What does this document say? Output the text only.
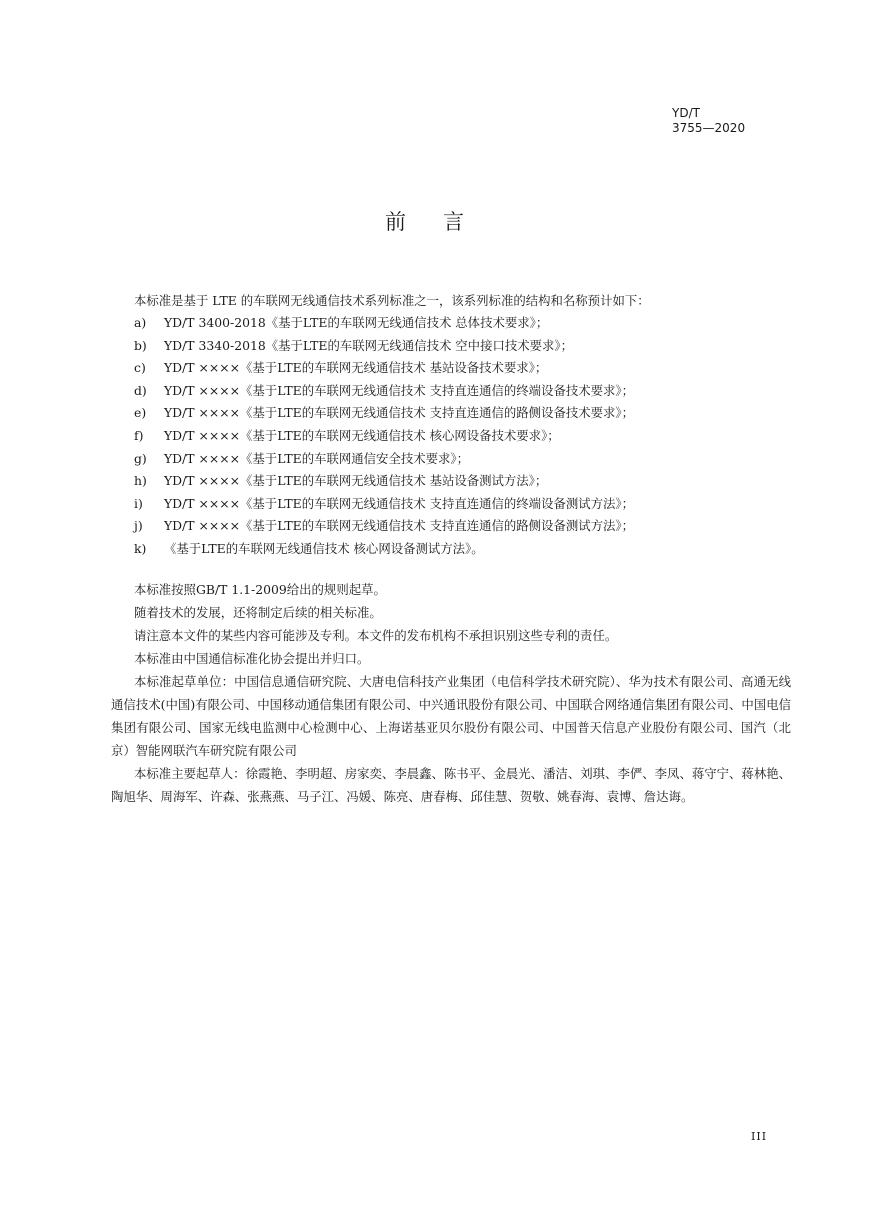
YD/T
3755—2020
前言
本标准是基于 LTE 的车联网无线通信技术系列标准之一，该系列标准的结构和名称预计如下：
a) YD/T 3400-2018《基于LTE的车联网无线通信技术 总体技术要求》；
b) YD/T 3340-2018《基于LTE的车联网无线通信技术 空中接口技术要求》；
c) YD/T ××××《基于LTE的车联网无线通信技术 基站设备技术要求》；
d) YD/T ××××《基于LTE的车联网无线通信技术 支持直连通信的终端设备技术要求》；
e) YD/T ××××《基于LTE的车联网无线通信技术 支持直连通信的路侧设备技术要求》；
f) YD/T ××××《基于LTE的车联网无线通信技术 核心网设备技术要求》；
g) YD/T ××××《基于LTE的车联网通信安全技术要求》；
h) YD/T ××××《基于LTE的车联网无线通信技术 基站设备测试方法》；
i) YD/T ××××《基于LTE的车联网无线通信技术 支持直连通信的终端设备测试方法》；
j) YD/T ××××《基于LTE的车联网无线通信技术 支持直连通信的路侧设备测试方法》；
k) 《基于LTE的车联网无线通信技术 核心网设备测试方法》。
本标准按照GB/T 1.1-2009给出的规则起草。
随着技术的发展，还将制定后续的相关标准。
请注意本文件的某些内容可能涉及专利。本文件的发布机构不承担识别这些专利的责任。
本标准由中国通信标准化协会提出并归口。
本标准起草单位：中国信息通信研究院、大唐电信科技产业集团（电信科学技术研究院）、华为技术有限公司、高通无线通信技术(中国)有限公司、中国移动通信集团有限公司、中兴通讯股份有限公司、中国联合网络通信集团有限公司、中国电信集团有限公司、国家无线电监测中心检测中心、上海诺基亚贝尔股份有限公司、中国普天信息产业股份有限公司、国汽（北京）智能网联汽车研究院有限公司
本标准主要起草人：徐霞艳、李明超、房家奕、李晨鑫、陈书平、金晨光、潘洁、刘琪、李俨、李凤、蒋守宁、蒋林艳、陶旭华、周海军、许森、张燕燕、马子江、冯媛、陈亮、唐春梅、邱佳慧、贺敬、姚春海、袁博、詹达诲。
III
